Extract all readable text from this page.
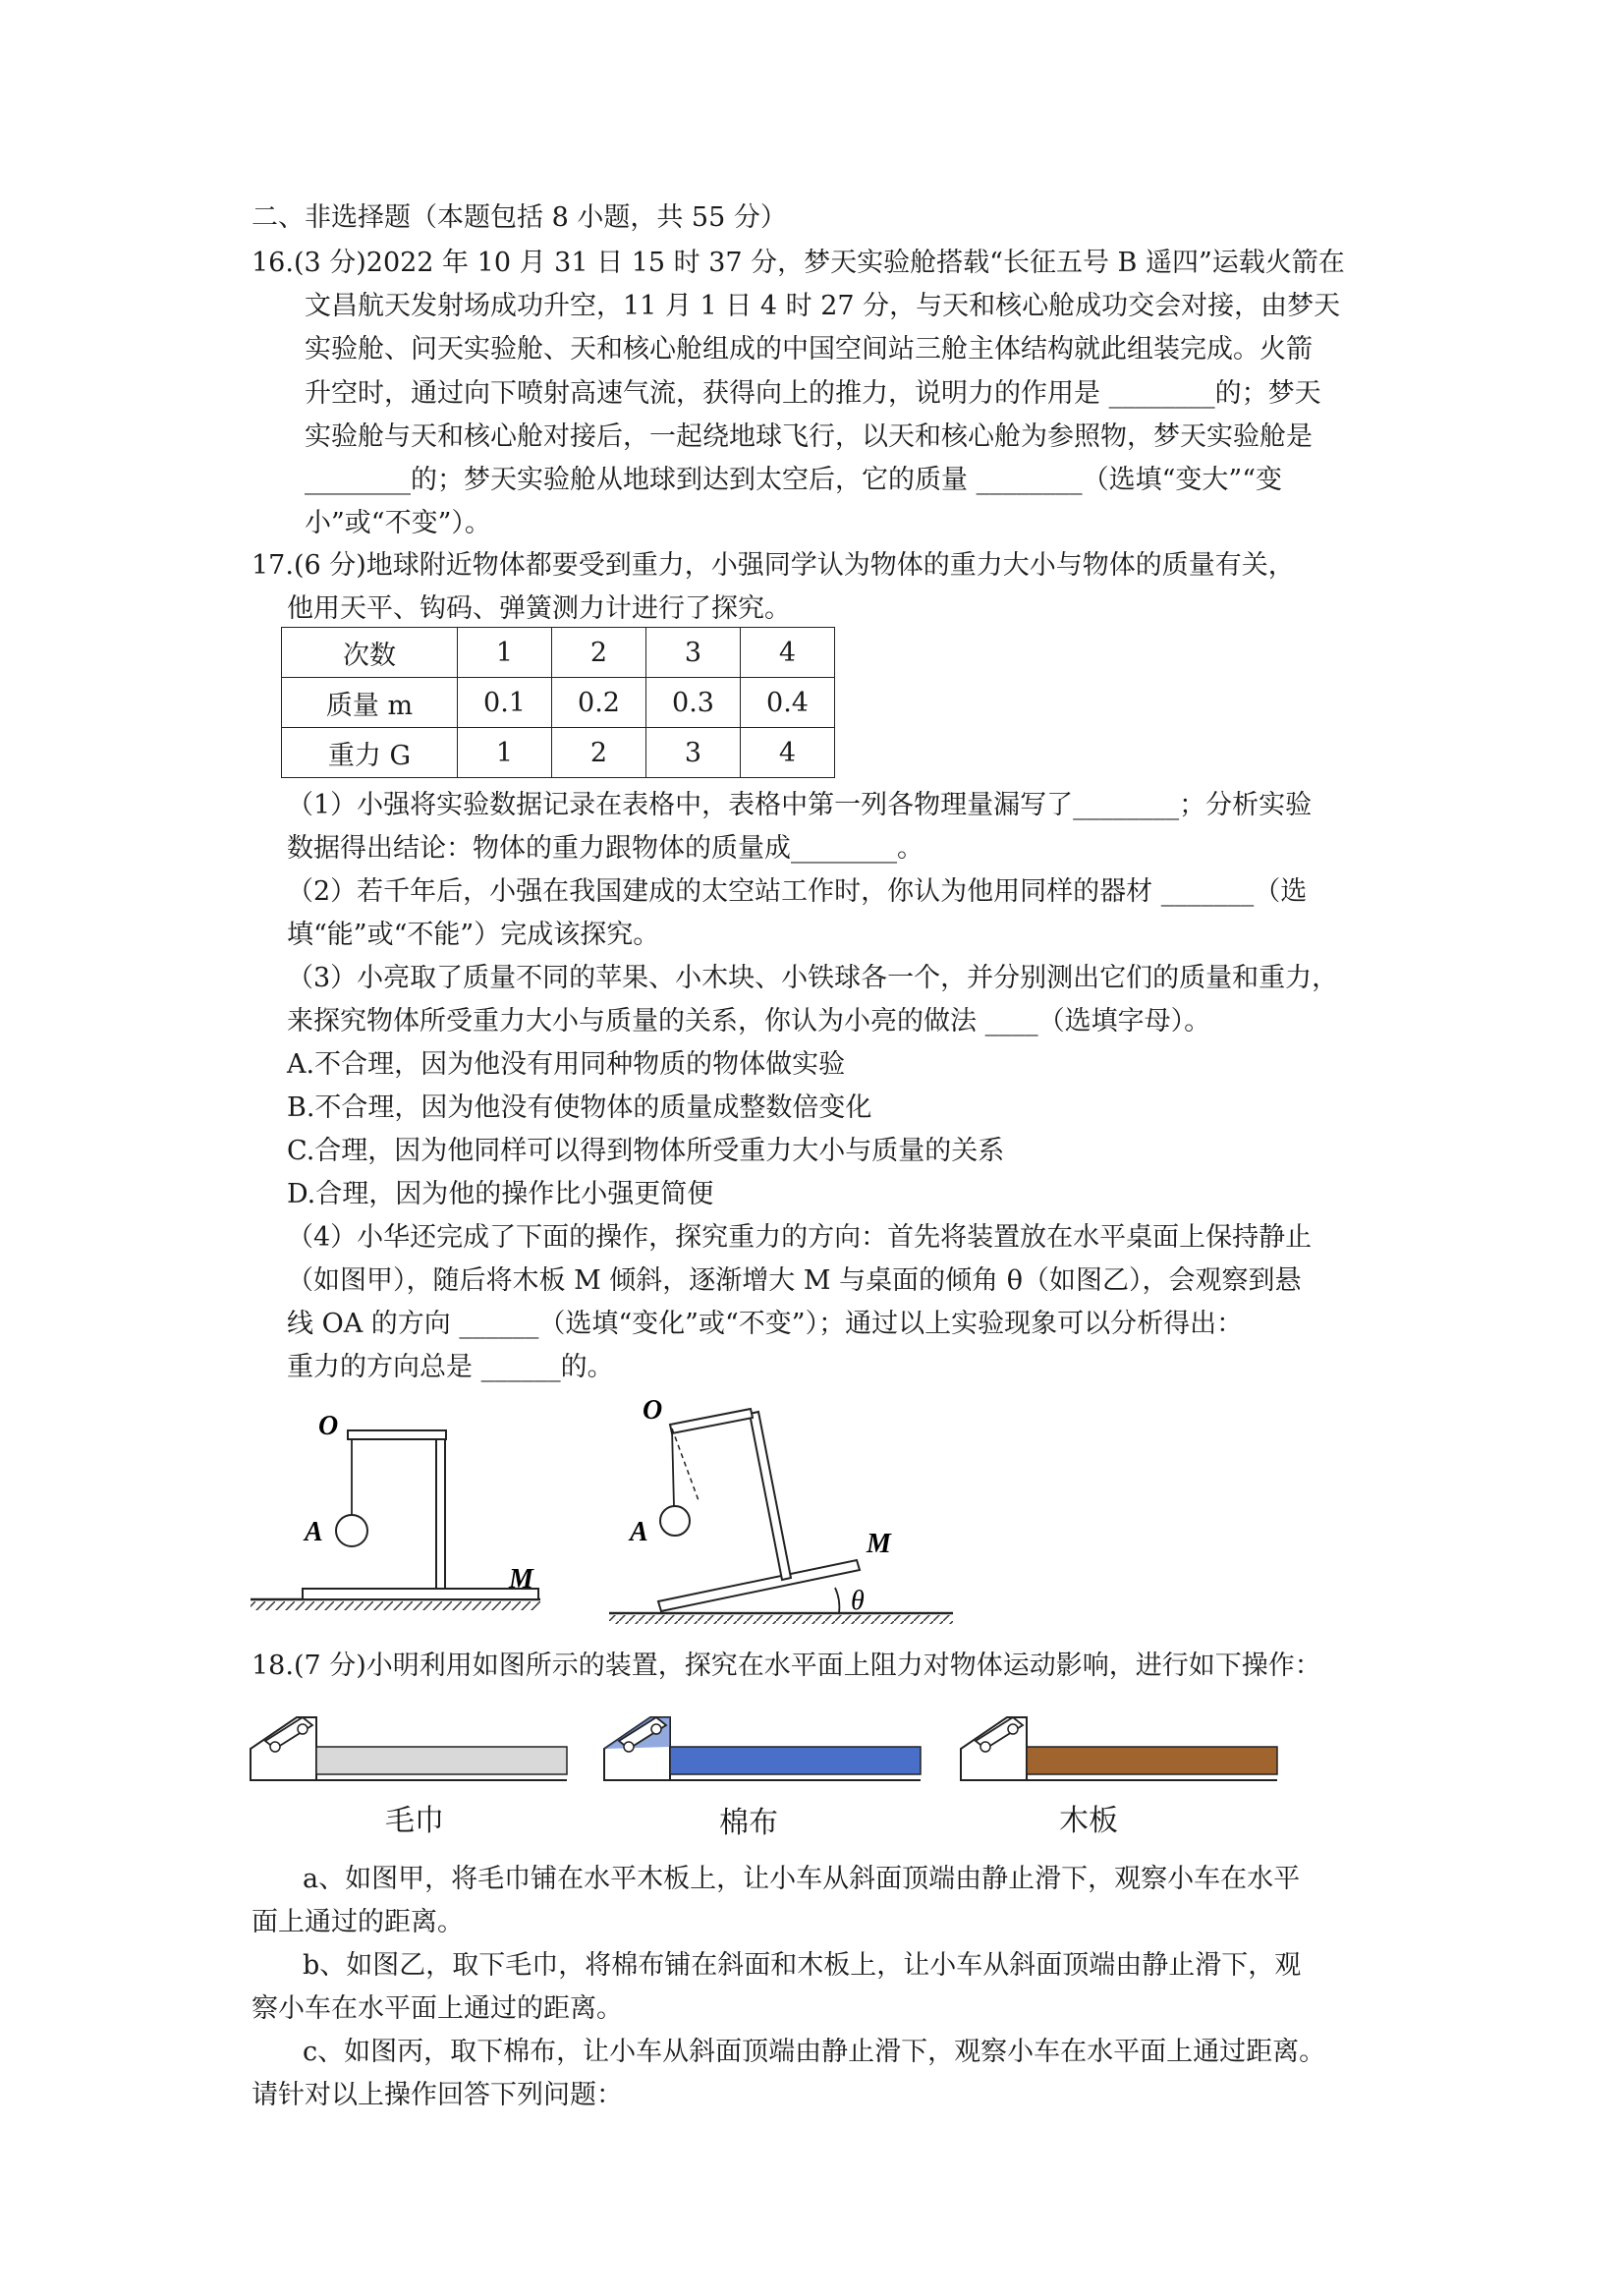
二、非选择题（本题包括 8 小题，共 55 分）
16.(3 分)2022 年 10 月 31 日 15 时 37 分，梦天实验舱搭载“长征五号 B 遥四”运载火箭在
文昌航天发射场成功升空，11 月 1 日 4 时 27 分，与天和核心舱成功交会对接，由梦天
实验舱、问天实验舱、天和核心舱组成的中国空间站三舱主体结构就此组装完成。火箭
升空时，通过向下喷射高速气流，获得向上的推力，说明力的作用是 ________的；梦天
实验舱与天和核心舱对接后，一起绕地球飞行，以天和核心舱为参照物，梦天实验舱是
________的；梦天实验舱从地球到达到太空后，它的质量 ________（选填“变大”“变
小”或“不变”）。
17.(6 分)地球附近物体都要受到重力，小强同学认为物体的重力大小与物体的质量有关，
他用天平、钩码、弹簧测力计进行了探究。
次数	1	2	3	4
质量 m	0.1	0.2	0.3	0.4
重力 G	1	2	3	4
（1）小强将实验数据记录在表格中，表格中第一列各物理量漏写了________；分析实验
数据得出结论：物体的重力跟物体的质量成________。
（2）若千年后，小强在我国建成的太空站工作时，你认为他用同样的器材 _______（选
填“能”或“不能”）完成该探究。
（3）小亮取了质量不同的苹果、小木块、小铁球各一个，并分别测出它们的质量和重力，
来探究物体所受重力大小与质量的关系，你认为小亮的做法 ____（选填字母）。
A.不合理，因为他没有用同种物质的物体做实验
B.不合理，因为他没有使物体的质量成整数倍变化
C.合理，因为他同样可以得到物体所受重力大小与质量的关系
D.合理，因为他的操作比小强更简便
（4）小华还完成了下面的操作，探究重力的方向：首先将装置放在水平桌面上保持静止
（如图甲），随后将木板 M 倾斜，逐渐增大 M 与桌面的倾角 θ（如图乙），会观察到悬
线 OA 的方向 ______（选填“变化”或“不变”）；通过以上实验现象可以分析得出：
重力的方向总是 ______的。
O
A
M
O
A	M
θ
18.(7 分)小明利用如图所示的装置，探究在水平面上阻力对物体运动影响，进行如下操作：
毛巾	棉布	木板
a、如图甲，将毛巾铺在水平木板上，让小车从斜面顶端由静止滑下，观察小车在水平
面上通过的距离。
b、如图乙，取下毛巾，将棉布铺在斜面和木板上，让小车从斜面顶端由静止滑下，观
察小车在水平面上通过的距离。
c、如图丙，取下棉布，让小车从斜面顶端由静止滑下，观察小车在水平面上通过距离。
请针对以上操作回答下列问题：
